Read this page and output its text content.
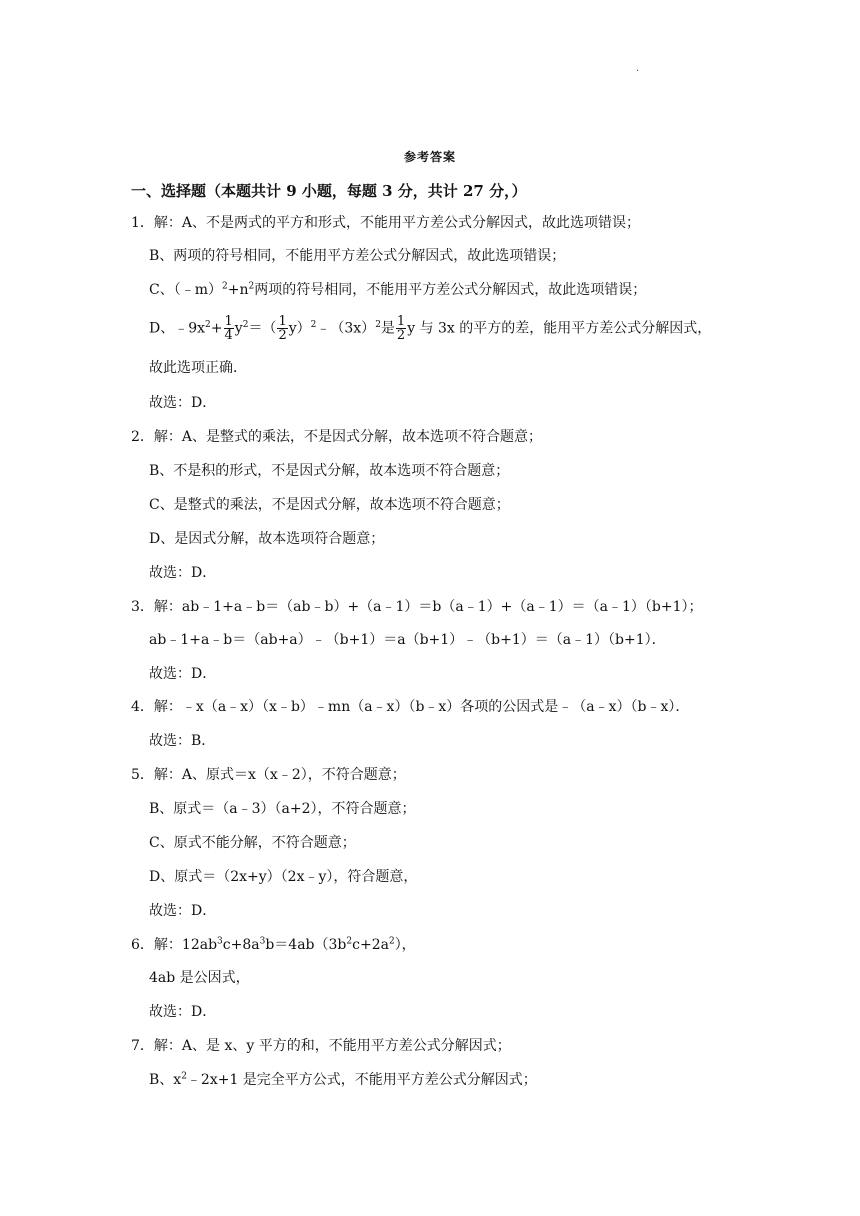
·
参考答案
一、选择题（本题共计 9 小题，每题 3 分，共计 27 分，）
1．解：A、不是两式的平方和形式，不能用平方差公式分解因式，故此选项错误；
B、两项的符号相同，不能用平方差公式分解因式，故此选项错误；
C、$(﹣m)^2+n^2$两项的符号相同，不能用平方差公式分解因式，故此选项错误；
D、$﹣9x^2+ \frac{1}{4} y^2=( \frac{1}{2}$ $y)^2﹣(3x)^2$是 $\frac{1}{2}$ y 与 3x 的平方的差，能用平方差公式分解因式，
故此选项正确．
故选：D．
2．解：A、是整式的乘法，不是因式分解，故本选项不符合题意；
B、不是积的形式，不是因式分解，故本选项不符合题意；
C、是整式的乘法，不是因式分解，故本选项不符合题意；
D、是因式分解，故本选项符合题意；
故选：D．
3．解：ab﹣1+a﹣b＝（ab﹣b）+（a﹣1）＝b（a﹣1）+（a﹣1）＝（a﹣1）（b+1）；
ab﹣1+a﹣b＝（ab+a）﹣（b+1）＝a（b+1）﹣（b+1）＝（a﹣1）（b+1）．
故选：D．
4．解：﹣x（a﹣x）（x﹣b）﹣mn（a﹣x）（b﹣x）各项的公因式是﹣（a﹣x）（b﹣x）．
故选：B．
5．解：A、原式＝x（x﹣2），不符合题意；
B、原式＝（a﹣3）（a+2），不符合题意；
C、原式不能分解，不符合题意；
D、原式＝（2x+y）（2x﹣y），符合题意，
故选：D．
6．解：$12ab^3c+8a^3b=4ab(3b^2c+2a^2)$，
4ab 是公因式，
故选：D．
7．解：A、是 x、y 平方的和，不能用平方差公式分解因式；
B、$x^2﹣2x+1$ 是完全平方公式，不能用平方差公式分解因式；
